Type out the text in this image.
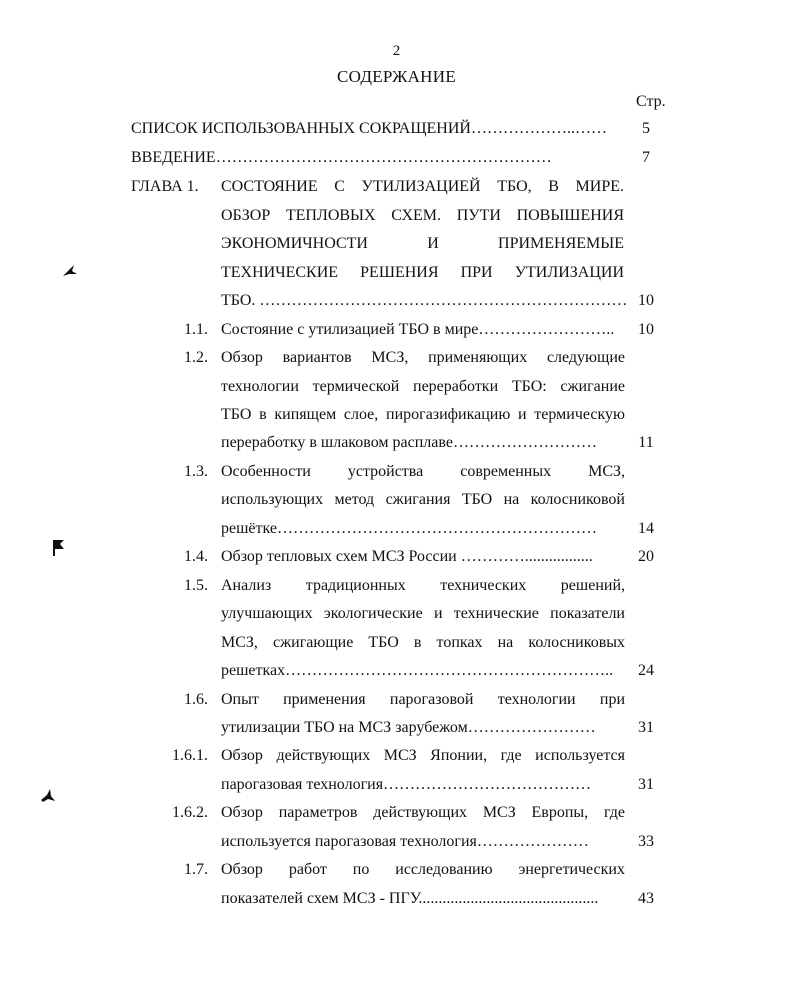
2
СОДЕРЖАНИЕ
Стр.
СПИСОК ИСПОЛЬЗОВАННЫХ СОКРАЩЕНИЙ………………..……	5
ВВЕДЕНИЕ………………………………………………………	7
ГЛАВА 1. СОСТОЯНИЕ С УТИЛИЗАЦИЕЙ ТБО, В МИРЕ.
ОБЗОР ТЕПЛОВЫХ СХЕМ. ПУТИ ПОВЫШЕНИЯ
ЭКОНОМИЧНОСТИ И ПРИМЕНЯЕМЫЕ
ТЕХНИЧЕСКИЕ РЕШЕНИЯ ПРИ УТИЛИЗАЦИИ
ТБО. …………………………………………………………… 10
1.1. Состояние с утилизацией ТБО в мире……………………..	10
1.2. Обзор вариантов МСЗ, применяющих следующие
технологии термической переработки ТБО: сжигание
ТБО в кипящем слое, пирогазификацию и термическую
переработку в шлаковом расплаве………………………	11
1.3. Особенности устройства современных МСЗ,
использующих метод сжигания ТБО на колосниковой
решётке……………………………………………………	14
1.4. Обзор тепловых схем МСЗ России ………….................	20
1.5. Анализ традиционных технических решений,
улучшающих экологические и технические показатели
МСЗ, сжигающие ТБО в топках на колосниковых
решетках……………………………………………………..	24
1.6. Опыт применения парогазовой технологии при
утилизации ТБО на МСЗ зарубежом……………………	31
1.6.1. Обзор действующих МСЗ Японии, где используется
парогазовая технология…………………………………	31
1.6.2. Обзор параметров действующих МСЗ Европы, где
используется парогазовая технология…………………	33
1.7. Обзор работ по исследованию энергетических
показателей схем МСЗ - ПГУ.............................................	43
